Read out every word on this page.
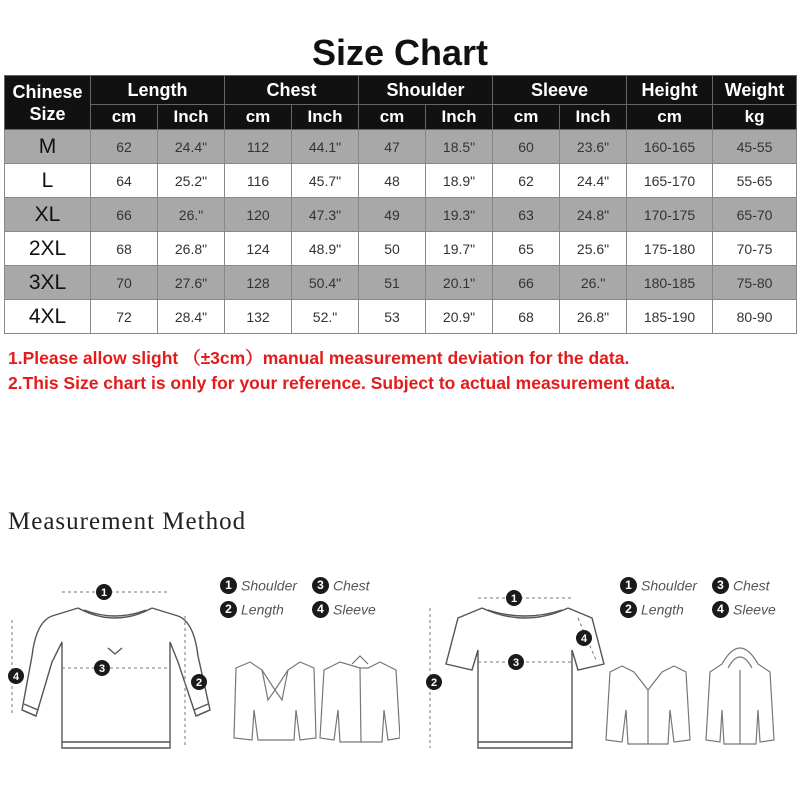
Size Chart
Chinese
Size	Length		Chest		Shoulder		Sleeve		Height	Weight
	cm	Inch	cm	Inch	cm	Inch	cm	Inch	cm	kg
M	62	24.4"	112	44.1"	47	18.5"	60	23.6"	160-165	45-55
L	64	25.2"	116	45.7"	48	18.9"	62	24.4"	165-170	55-65
XL	66	26."	120	47.3"	49	19.3"	63	24.8"	170-175	65-70
2XL	68	26.8"	124	48.9"	50	19.7"	65	25.6"	175-180	70-75
3XL	70	27.6"	128	50.4"	51	20.1"	66	26."	180-185	75-80
4XL	72	28.4"	132	52."	53	20.9"	68	26.8"	185-190	80-90
1.Please allow slight （±3cm）manual measurement deviation for the data.
2.This Size chart is only for your reference. Subject to actual measurement data.
Measurement Method
1
2
3
4
1 Shoulder	3 Chest
2 Length	4 Sleeve
1
2
3
4
1 Shoulder	3 Chest
2 Length	4 Sleeve
